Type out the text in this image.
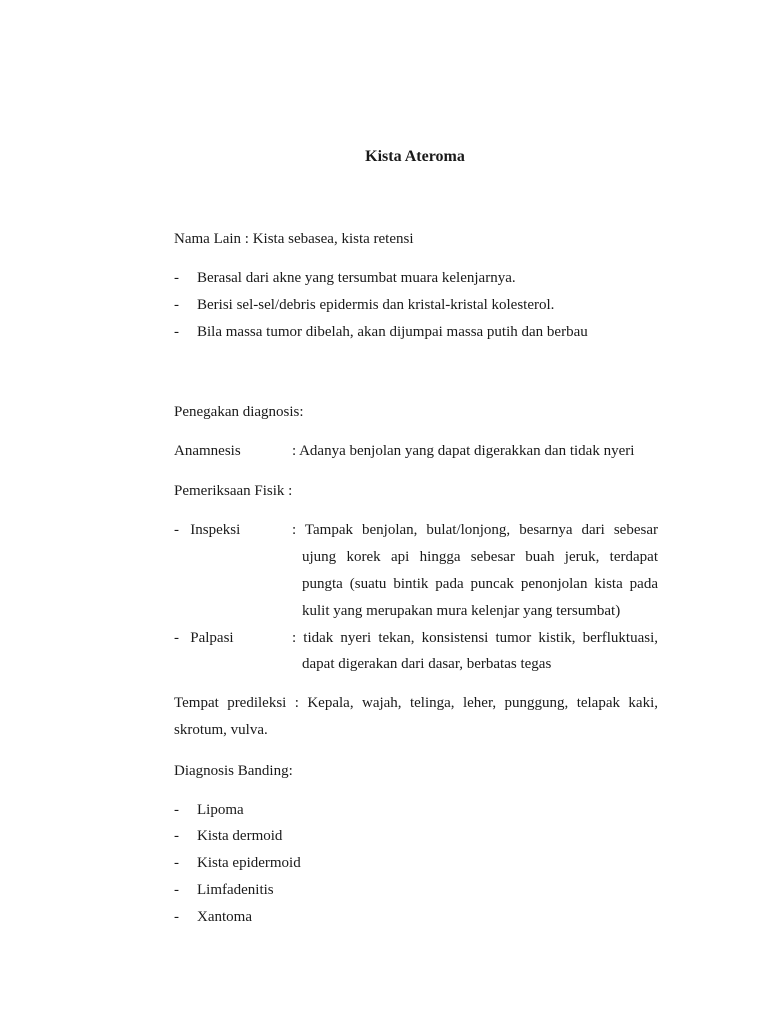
Kista Ateroma
Nama Lain : Kista sebasea, kista retensi
- Berasal dari akne yang tersumbat muara kelenjarnya.
- Berisi sel-sel/debris epidermis dan kristal-kristal kolesterol.
- Bila massa tumor dibelah, akan dijumpai massa putih dan berbau
Penegakan diagnosis:
Anamnesis	: Adanya benjolan yang dapat digerakkan dan tidak nyeri
Pemeriksaan Fisik :
-   Inspeksi	: Tampak benjolan, bulat/lonjong, besarnya dari sebesar
ujung korek api hingga sebesar buah jeruk, terdapat
pungta (suatu bintik pada puncak penonjolan kista pada
kulit yang merupakan mura kelenjar yang tersumbat)
-   Palpasi	: tidak nyeri tekan, konsistensi tumor kistik, berfluktuasi,
dapat digerakan dari dasar, berbatas tegas
Tempat predileksi : Kepala, wajah, telinga, leher, punggung, telapak kaki,
skrotum, vulva.
Diagnosis Banding:
- Lipoma
- Kista dermoid
- Kista epidermoid
- Limfadenitis
- Xantoma
